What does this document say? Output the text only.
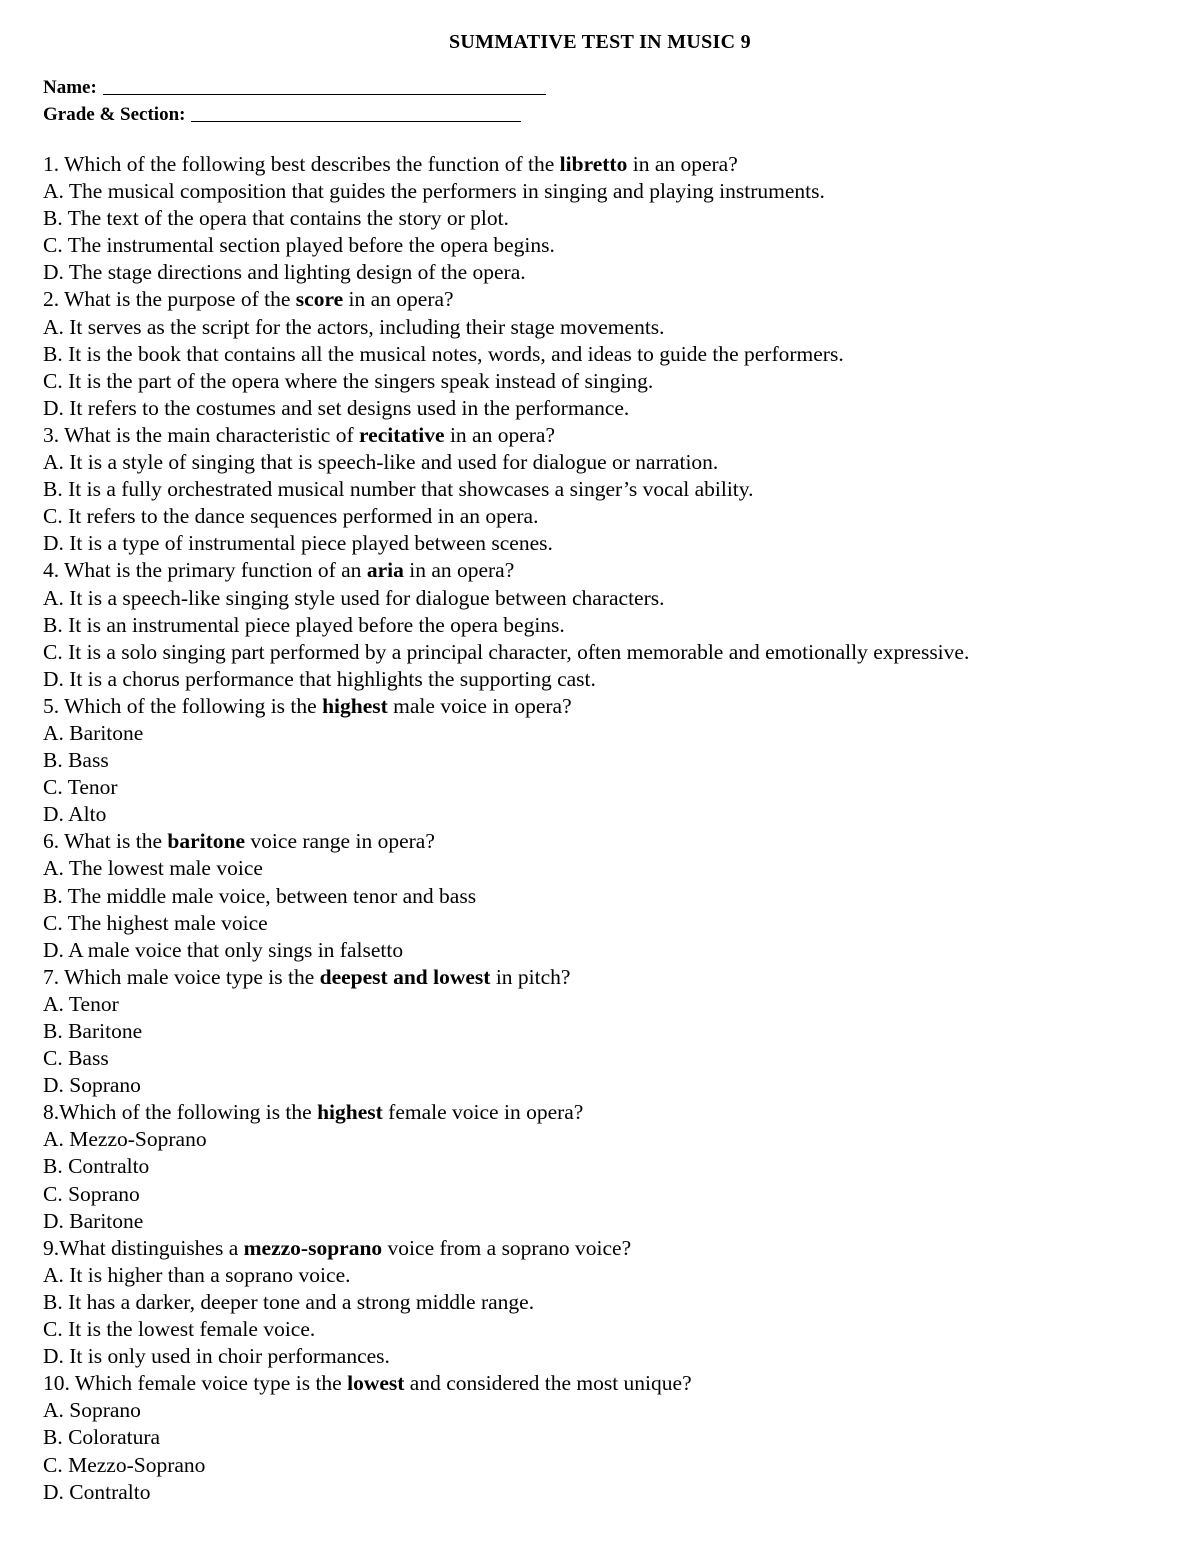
SUMMATIVE TEST IN MUSIC 9
Name:
Grade & Section:
1. Which of the following best describes the function of the libretto in an opera?
A. The musical composition that guides the performers in singing and playing instruments.
B. The text of the opera that contains the story or plot.
C. The instrumental section played before the opera begins.
D. The stage directions and lighting design of the opera.
2. What is the purpose of the score in an opera?
A. It serves as the script for the actors, including their stage movements.
B. It is the book that contains all the musical notes, words, and ideas to guide the performers.
C. It is the part of the opera where the singers speak instead of singing.
D. It refers to the costumes and set designs used in the performance.
3. What is the main characteristic of recitative in an opera?
A. It is a style of singing that is speech-like and used for dialogue or narration.
B. It is a fully orchestrated musical number that showcases a singer’s vocal ability.
C. It refers to the dance sequences performed in an opera.
D. It is a type of instrumental piece played between scenes.
4. What is the primary function of an aria in an opera?
A. It is a speech-like singing style used for dialogue between characters.
B. It is an instrumental piece played before the opera begins.
C. It is a solo singing part performed by a principal character, often memorable and emotionally expressive.
D. It is a chorus performance that highlights the supporting cast.
5. Which of the following is the highest male voice in opera?
A. Baritone
B. Bass
C. Tenor
D. Alto
6. What is the baritone voice range in opera?
A. The lowest male voice
B. The middle male voice, between tenor and bass
C. The highest male voice
D. A male voice that only sings in falsetto
7. Which male voice type is the deepest and lowest in pitch?
A. Tenor
B. Baritone
C. Bass
D. Soprano
8.Which of the following is the highest female voice in opera?
A. Mezzo-Soprano
B. Contralto
C. Soprano
D. Baritone
9.What distinguishes a mezzo-soprano voice from a soprano voice?
A. It is higher than a soprano voice.
B. It has a darker, deeper tone and a strong middle range.
C. It is the lowest female voice.
D. It is only used in choir performances.
10. Which female voice type is the lowest and considered the most unique?
A. Soprano
B. Coloratura
C. Mezzo-Soprano
D. Contralto
